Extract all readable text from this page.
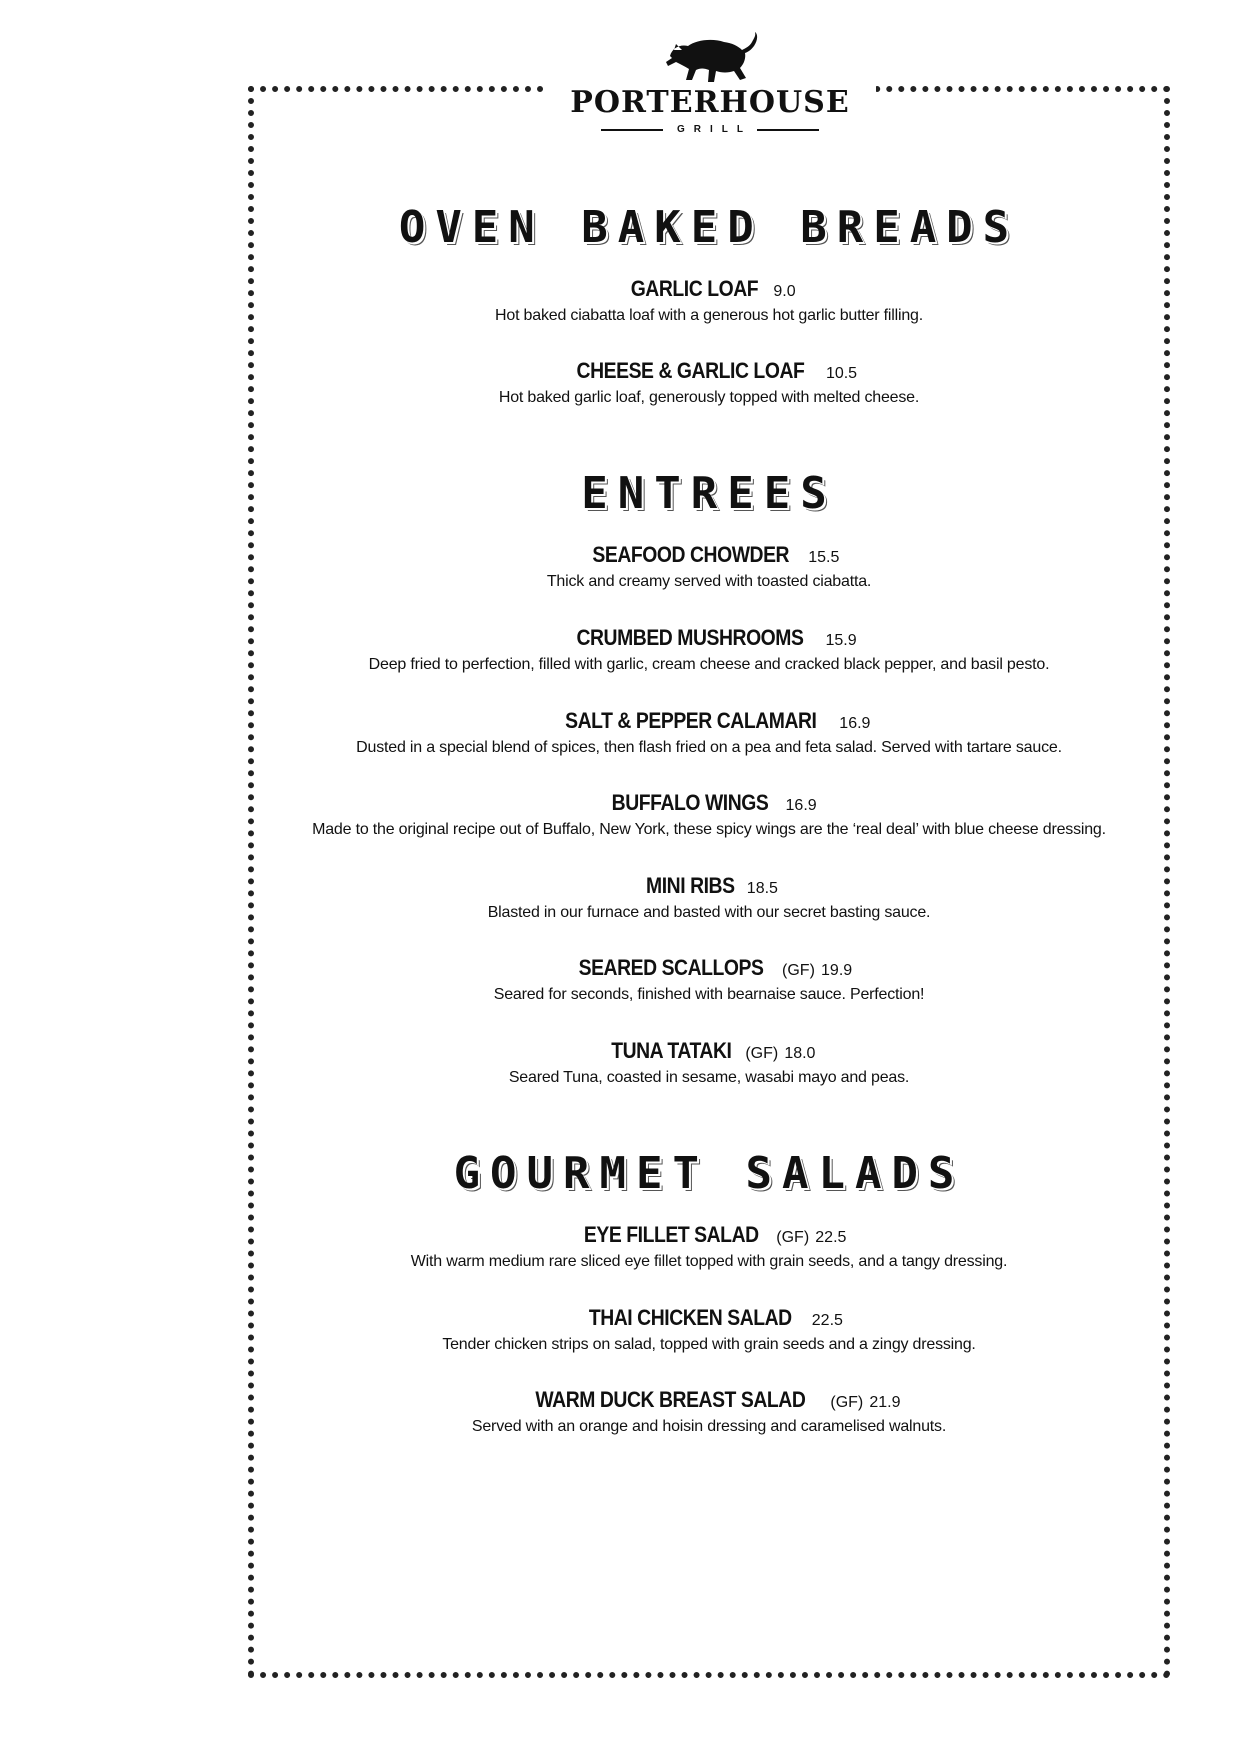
PORTERHOUSE
GRILL
OVEN BAKED BREADS
GARLIC LOAF 9.0
Hot baked ciabatta loaf with a generous hot garlic butter filling.
CHEESE & GARLIC LOAF 10.5
Hot baked garlic loaf, generously topped with melted cheese.
ENTREES
SEAFOOD CHOWDER 15.5
Thick and creamy served with toasted ciabatta.
CRUMBED MUSHROOMS 15.9
Deep fried to perfection, filled with garlic, cream cheese and cracked black pepper, and basil pesto.
SALT & PEPPER CALAMARI 16.9
Dusted in a special blend of spices, then flash fried on a pea and feta salad. Served with tartare sauce.
BUFFALO WINGS 16.9
Made to the original recipe out of Buffalo, New York, these spicy wings are the ‘real deal’ with blue cheese dressing.
MINI RIBS 18.5
Blasted in our furnace and basted with our secret basting sauce.
SEARED SCALLOPS (GF) 19.9
Seared for seconds, finished with bearnaise sauce. Perfection!
TUNA TATAKI (GF) 18.0
Seared Tuna, coasted in sesame, wasabi mayo and peas.
GOURMET SALADS
EYE FILLET SALAD (GF) 22.5
With warm medium rare sliced eye fillet topped with grain seeds, and a tangy dressing.
THAI CHICKEN SALAD 22.5
Tender chicken strips on salad, topped with grain seeds and a zingy dressing.
WARM DUCK BREAST SALAD (GF) 21.9
Served with an orange and hoisin dressing and caramelised walnuts.
